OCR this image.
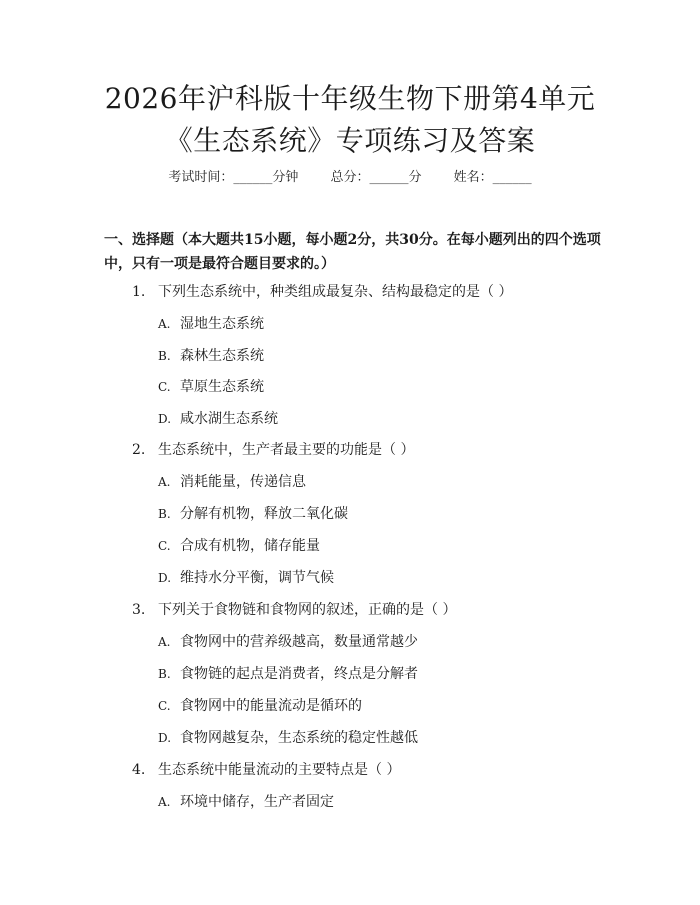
2026年沪科版十年级生物下册第4单元《生态系统》专项练习及答案
考试时间：______分钟 总分：______分 姓名：______

一、选择题（本大题共15小题，每小题2分，共30分。在每小题列出的四个选项中，只有一项是最符合题目要求的。）

1. 下列生态系统中，种类组成最复杂、结构最稳定的是（ ）
A. 湿地生态系统
B. 森林生态系统
C. 草原生态系统
D. 咸水湖生态系统
2. 生态系统中，生产者最主要的功能是（ ）
A. 消耗能量，传递信息
B. 分解有机物，释放二氧化碳
C. 合成有机物，储存能量
D. 维持水分平衡，调节气候
3. 下列关于食物链和食物网的叙述，正确的是（ ）
A. 食物网中的营养级越高，数量通常越少
B. 食物链的起点是消费者，终点是分解者
C. 食物网中的能量流动是循环的
D. 食物网越复杂，生态系统的稳定性越低
4. 生态系统中能量流动的主要特点是（ ）
A. 环境中储存，生产者固定
